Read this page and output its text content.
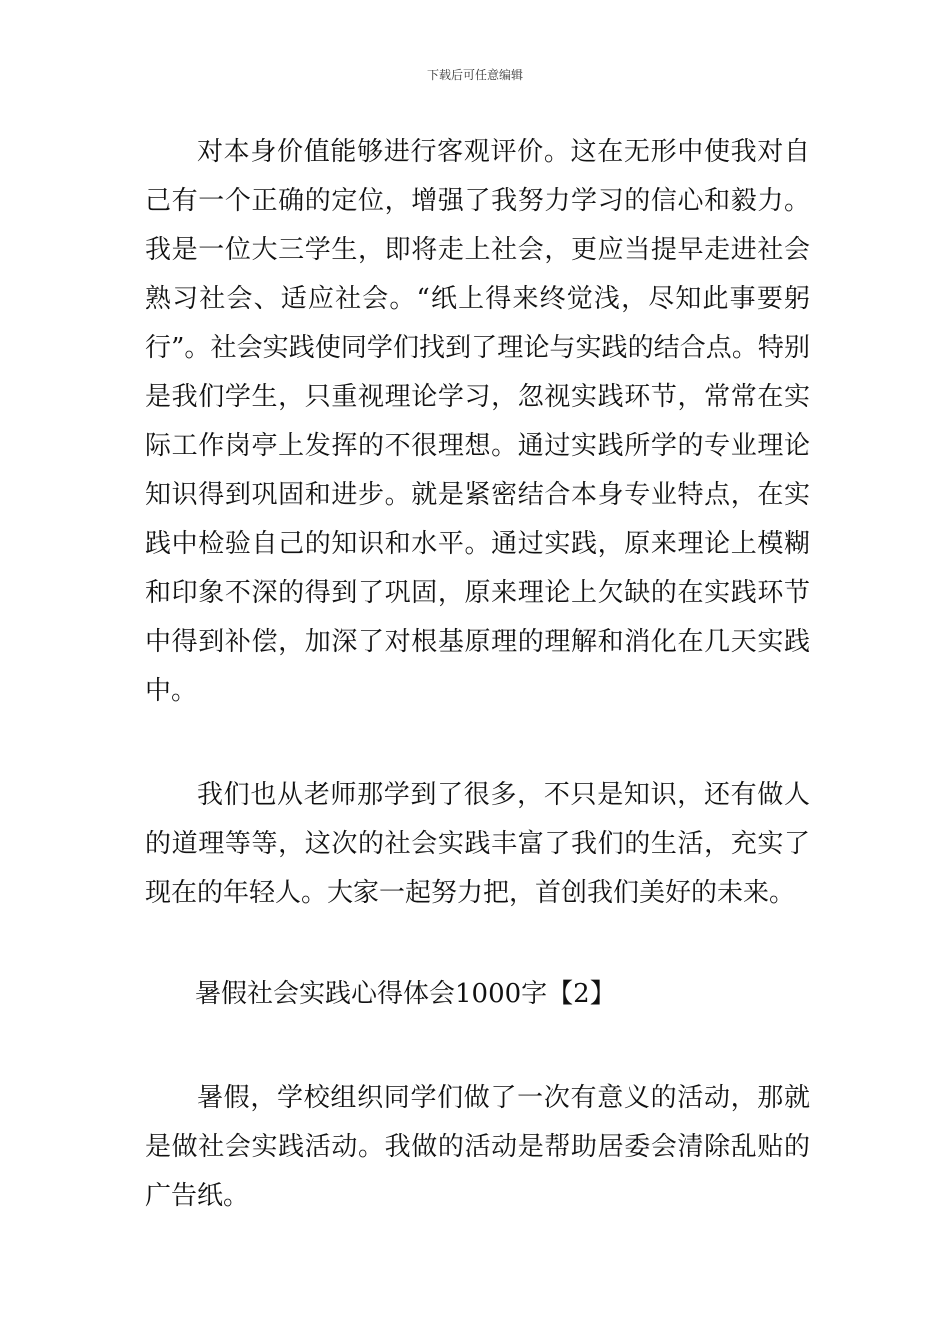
下载后可任意编辑

对本身价值能够进行客观评价。这在无形中使我对自己有一个正确的定位，增强了我努力学习的信心和毅力。我是一位大三学生，即将走上社会，更应当提早走进社会熟习社会、适应社会。“纸上得来终觉浅，尽知此事要躬行”。社会实践使同学们找到了理论与实践的结合点。特别是我们学生，只重视理论学习，忽视实践环节，常常在实际工作岗亭上发挥的不很理想。通过实践所学的专业理论知识得到巩固和进步。就是紧密结合本身专业特点，在实践中检验自己的知识和水平。通过实践，原来理论上模糊和印象不深的得到了巩固，原来理论上欠缺的在实践环节中得到补偿，加深了对根基原理的理解和消化在几天实践中。

我们也从老师那学到了很多，不只是知识，还有做人的道理等等，这次的社会实践丰富了我们的生活，充实了现在的年轻人。大家一起努力把，首创我们美好的未来。

暑假社会实践心得体会1000字【2】

暑假，学校组织同学们做了一次有意义的活动，那就是做社会实践活动。我做的活动是帮助居委会清除乱贴的广告纸。
